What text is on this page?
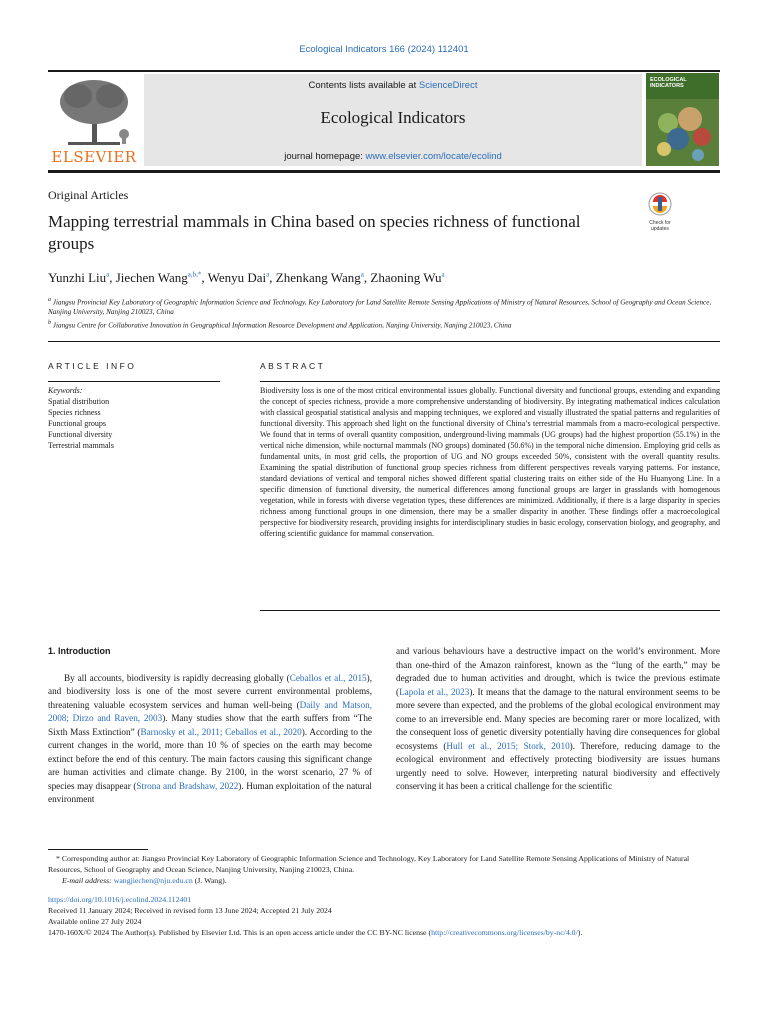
Ecological Indicators 166 (2024) 112401
ELSEVIER
Contents lists available at ScienceDirect
Ecological Indicators
journal homepage: www.elsevier.com/locate/ecolind
ECOLOGICAL INDICATORS
Original Articles
Mapping terrestrial mammals in China based on species richness of functional groups
Check for updates
Yunzhi Liu$^a$, Jiechen Wang$^{a,b,*}$, Wenyu Dai$^a$, Zhenkang Wang$^a$, Zhaoning Wu$^a$
$^a$ Jiangsu Provincial Key Laboratory of Geographic Information Science and Technology, Key Laboratory for Land Satellite Remote Sensing Applications of Ministry of Natural Resources, School of Geography and Ocean Science, Nanjing University, Nanjing 210023, China
$^b$ Jiangsu Centre for Collaborative Innovation in Geographical Information Resource Development and Application, Nanjing University, Nanjing 210023, China
ARTICLE INFO	ABSTRACT
Keywords:
Spatial distribution
Species richness
Functional groups
Functional diversity
Terrestrial mammals
Biodiversity loss is one of the most critical environmental issues globally. Functional diversity and functional groups, extending and expanding the concept of species richness, provide a more comprehensive understanding of biodiversity. By integrating mathematical indices calculation with classical geospatial statistical analysis and mapping techniques, we explored and visually illustrated the spatial patterns and regularities of functional diversity. This approach shed light on the functional diversity of China’s terrestrial mammals from a macro-ecological perspective. We found that in terms of overall quantity composition, underground-living mammals (UG groups) had the highest proportion (55.1%) in the vertical niche dimension, while nocturnal mammals (NO groups) dominated (50.6%) in the temporal niche dimension. Employing grid cells as fundamental units, in most grid cells, the proportion of UG and NO groups exceeded 50%, consistent with the overall quantity results. Examining the spatial distribution of functional group species richness from different perspectives reveals varying patterns. For instance, standard deviations of vertical and temporal niches showed different spatial clustering traits on either side of the Hu Huanyong Line. In a specific dimension of functional diversity, the numerical differences among functional groups are larger in grasslands with homogenous vegetation, while in forests with diverse vegetation types, these differences are minimized. Additionally, if there is a large disparity in species richness among functional groups in one dimension, there may be a smaller disparity in another. These findings offer a macroecological perspective for biodiversity research, providing insights for interdisciplinary studies in basic ecology, conservation biology, and geography, and offering scientific guidance for mammal conservation.
1. Introduction

By all accounts, biodiversity is rapidly decreasing globally (Ceballos et al., 2015), and biodiversity loss is one of the most severe current environmental problems, threatening valuable ecosystem services and human well-being (Daily and Matson, 2008; Dirzo and Raven, 2003). Many studies show that the earth suffers from “The Sixth Mass Extinction” (Barnosky et al., 2011; Ceballos et al., 2020). According to the current changes in the world, more than 10 % of species on the earth may become extinct before the end of this century. The main factors causing this significant change are human activities and climate change. By 2100, in the worst scenario, 27 % of species may disappear (Strona and Bradshaw, 2022). Human exploitation of the natural environment

and various behaviours have a destructive impact on the world’s environment. More than one-third of the Amazon rainforest, known as the “lung of the earth,” may be degraded due to human activities and drought, which is twice the previous estimate (Lapola et al., 2023). It means that the damage to the natural environment seems to be more severe than expected, and the problems of the global ecological environment may come to an irreversible end. Many species are becoming rarer or more localized, with the consequent loss of genetic diversity potentially having dire consequences for global ecosystems (Hull et al., 2015; Stork, 2010). Therefore, reducing damage to the ecological environment and effectively protecting biodiversity are issues humans urgently need to solve. However, interpreting natural biodiversity and effectively conserving it has been a critical challenge for the scientific

* Corresponding author at: Jiangsu Provincial Key Laboratory of Geographic Information Science and Technology, Key Laboratory for Land Satellite Remote Sensing Applications of Ministry of Natural Resources, School of Geography and Ocean Science, Nanjing University, Nanjing 210023, China.

E-mail address: wangjiechen@nju.edu.cn (J. Wang).

https://doi.org/10.1016/j.ecolind.2024.112401

Received 11 January 2024; Received in revised form 13 June 2024; Accepted 21 July 2024

Available online 27 July 2024

1470-160X/© 2024 The Author(s). Published by Elsevier Ltd. This is an open access article under the CC BY-NC license (http://creativecommons.org/licenses/by-nc/4.0/).
